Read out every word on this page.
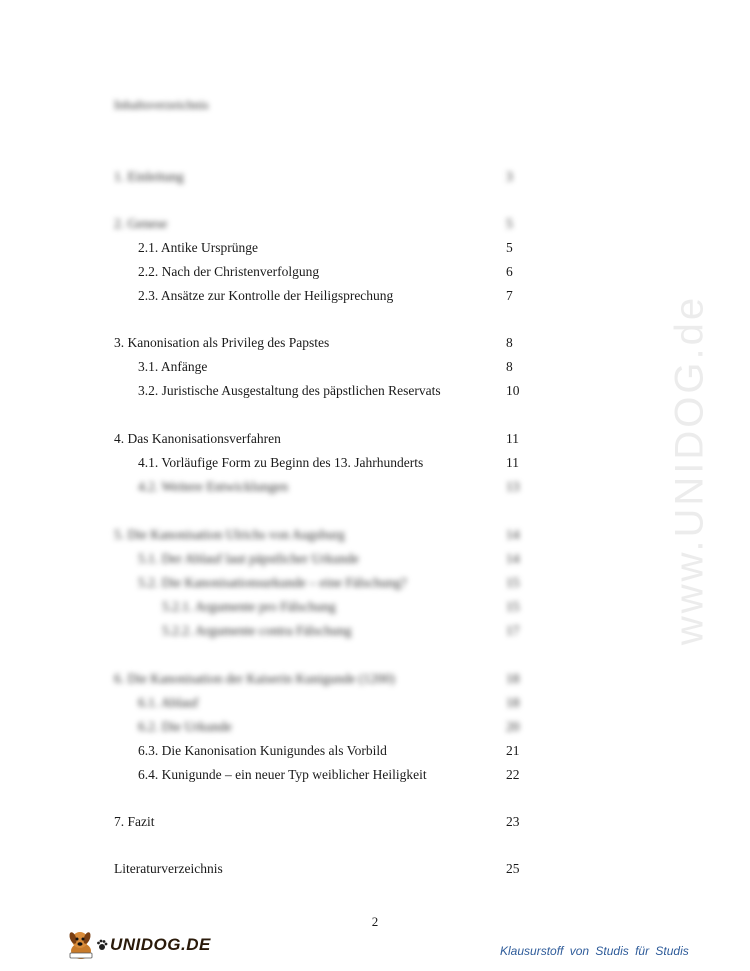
www.UNIDOG.de
Inhaltsverzeichnis
1. Einleitung	3
2. Genese	5
2.1. Antike Ursprünge	5
2.2. Nach der Christenverfolgung	6
2.3. Ansätze zur Kontrolle der Heiligsprechung	7
3. Kanonisation als Privileg des Papstes	8
3.1. Anfänge	8
3.2. Juristische Ausgestaltung des päpstlichen Reservats	10
4. Das Kanonisationsverfahren	11
4.1. Vorläufige Form zu Beginn des 13. Jahrhunderts	11
4.2. Weitere Entwicklungen	13
5. Die Kanonisation Ulrichs von Augsburg	14
5.1. Der Ablauf laut päpstlicher Urkunde	14
5.2. Die Kanonisationsurkunde – eine Fälschung?	15
5.2.1. Argumente pro Fälschung	15
5.2.2. Argumente contra Fälschung	17
6. Die Kanonisation der Kaiserin Kunigunde (1200)	18
6.1. Ablauf	18
6.2. Die Urkunde	20
6.3. Die Kanonisation Kunigundes als Vorbild	21
6.4. Kunigunde – ein neuer Typ weiblicher Heiligkeit	22
7. Fazit	23
Literaturverzeichnis	25
2
UNIDOG.DE	Klausurstoff von Studis für Studis
